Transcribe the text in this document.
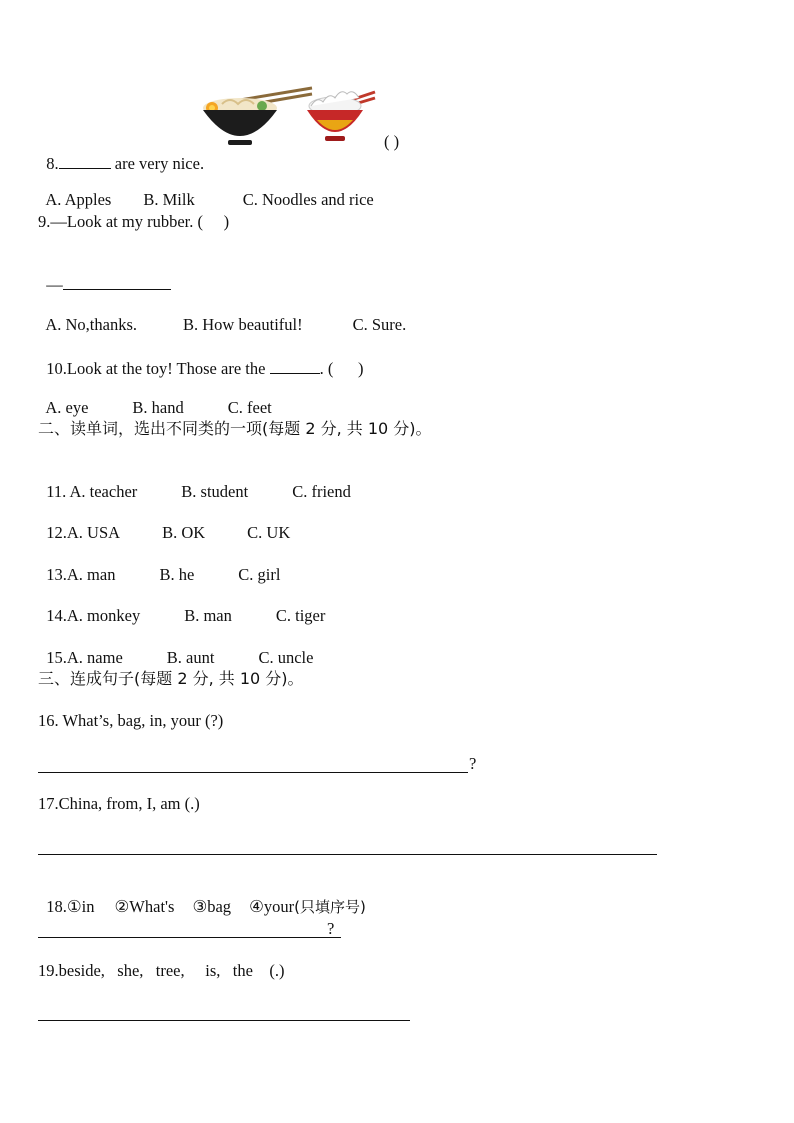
8.	are very nice.

( )

A. Apples B. Milk	C. Noodles and rice

9.—Look at my rubber. (     )

—

A. No,thanks.	B. How beautiful!	C. Sure.

10.Look at the toy! Those are the	. (      )

A. eye	B. hand	C. feet

二、读单词，选出不同类的一项(每题 2 分, 共 10 分)。

11. A. teacher	B. student	C. friend

12.A. USA	B. OK	C. UK

13.A. man	B. he	C. girl

14.A. monkey	B. man	C. tiger

15.A. name	B. aunt	C. uncle

三、连成句子(每题 2 分, 共 10 分)。
16. What’s, bag, in, your (?)
?
17.China, from, I, am (.)

18.①in ②What's ③bag ④your(只填序号)

?
19.beside,   she,   tree,     is,   the    (.)
